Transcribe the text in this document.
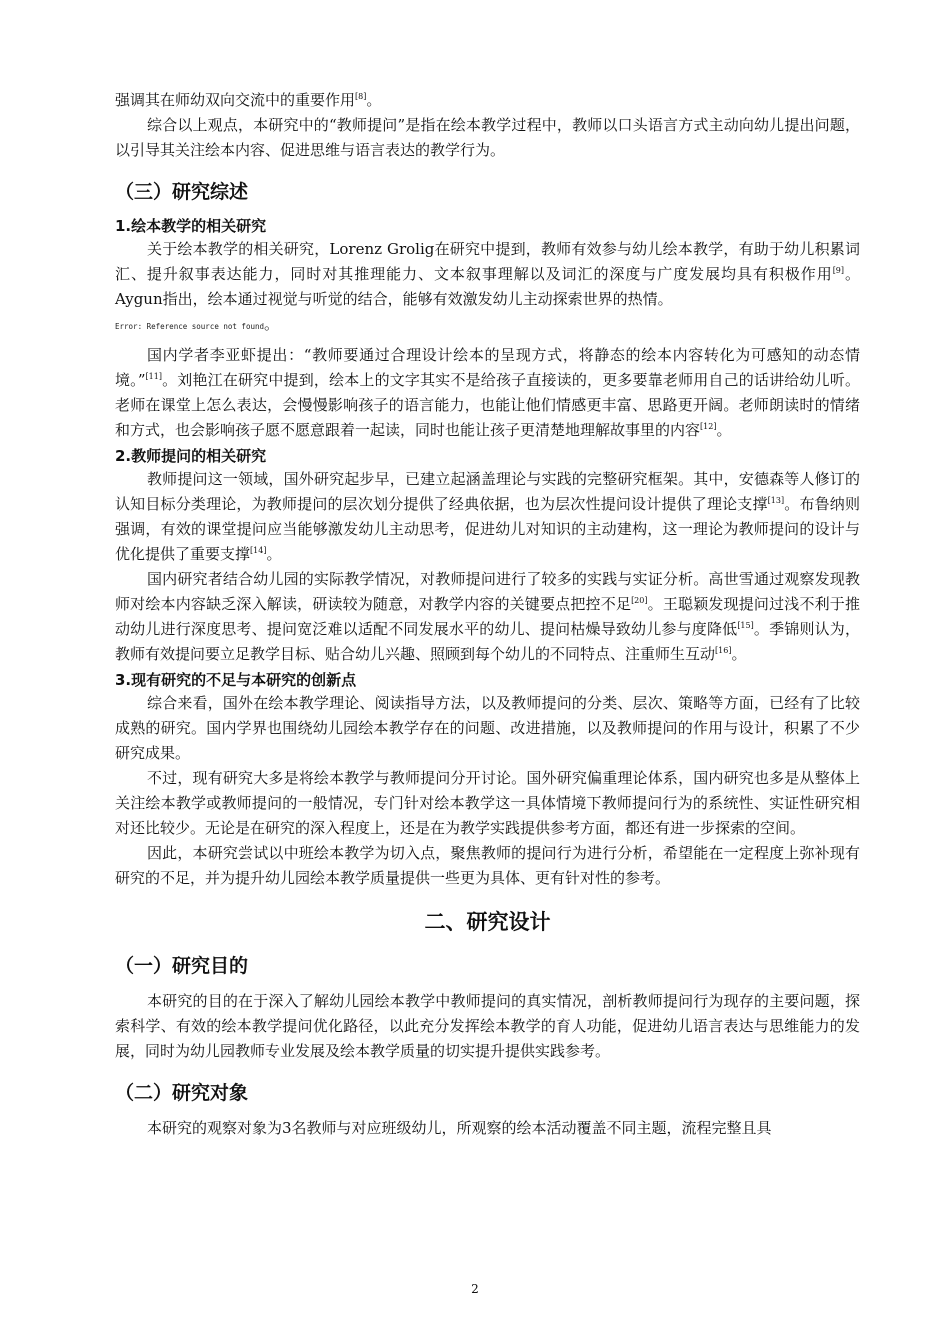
强调其在师幼双向交流中的重要作用[8]。

综合以上观点，本研究中的“教师提问”是指在绘本教学过程中，教师以口头语言方式主动向幼儿提出问题，以引导其关注绘本内容、促进思维与语言表达的教学行为。

（三）研究综述
1.绘本教学的相关研究

关于绘本教学的相关研究，Lorenz Grolig在研究中提到，教师有效参与幼儿绘本教学，有助于幼儿积累词汇、提升叙事表达能力，同时对其推理能力、文本叙事理解以及词汇的深度与广度发展均具有积极作用[9]。Aygun指出，绘本通过视觉与听觉的结合，能够有效激发幼儿主动探索世界的热情。
Error: Reference source not found。

国内学者李亚虾提出：“教师要通过合理设计绘本的呈现方式，将静态的绘本内容转化为可感知的动态情境。”[11]。刘艳江在研究中提到，绘本上的文字其实不是给孩子直接读的，更多要靠老师用自己的话讲给幼儿听。老师在课堂上怎么表达，会慢慢影响孩子的语言能力，也能让他们情感更丰富、思路更开阔。老师朗读时的情绪和方式，也会影响孩子愿不愿意跟着一起读，同时也能让孩子更清楚地理解故事里的内容[12]。

2.教师提问的相关研究

教师提问这一领域，国外研究起步早，已建立起涵盖理论与实践的完整研究框架。其中，安德森等人修订的认知目标分类理论，为教师提问的层次划分提供了经典依据，也为层次性提问设计提供了理论支撑[13]。布鲁纳则强调，有效的课堂提问应当能够激发幼儿主动思考，促进幼儿对知识的主动建构，这一理论为教师提问的设计与优化提供了重要支撑[14]。

国内研究者结合幼儿园的实际教学情况，对教师提问进行了较多的实践与实证分析。高世雪通过观察发现教师对绘本内容缺乏深入解读，研读较为随意，对教学内容的关键要点把控不足[20]。王聪颖发现提问过浅不利于推动幼儿进行深度思考、提问宽泛难以适配不同发展水平的幼儿、提问枯燥导致幼儿参与度降低[15]。季锦则认为，教师有效提问要立足教学目标、贴合幼儿兴趣、照顾到每个幼儿的不同特点、注重师生互动[16]。

3.现有研究的不足与本研究的创新点

综合来看，国外在绘本教学理论、阅读指导方法，以及教师提问的分类、层次、策略等方面，已经有了比较成熟的研究。国内学界也围绕幼儿园绘本教学存在的问题、改进措施，以及教师提问的作用与设计，积累了不少研究成果。

不过，现有研究大多是将绘本教学与教师提问分开讨论。国外研究偏重理论体系，国内研究也多是从整体上关注绘本教学或教师提问的一般情况，专门针对绘本教学这一具体情境下教师提问行为的系统性、实证性研究相对还比较少。无论是在研究的深入程度上，还是在为教学实践提供参考方面，都还有进一步探索的空间。

因此，本研究尝试以中班绘本教学为切入点，聚焦教师的提问行为进行分析，希望能在一定程度上弥补现有研究的不足，并为提升幼儿园绘本教学质量提供一些更为具体、更有针对性的参考。

二、研究设计
（一）研究目的

本研究的目的在于深入了解幼儿园绘本教学中教师提问的真实情况，剖析教师提问行为现存的主要问题，探索科学、有效的绘本教学提问优化路径，以此充分发挥绘本教学的育人功能，促进幼儿语言表达与思维能力的发展，同时为幼儿园教师专业发展及绘本教学质量的切实提升提供实践参考。

（二）研究对象

本研究的观察对象为3名教师与对应班级幼儿，所观察的绘本活动覆盖不同主题，流程完整且具

2
